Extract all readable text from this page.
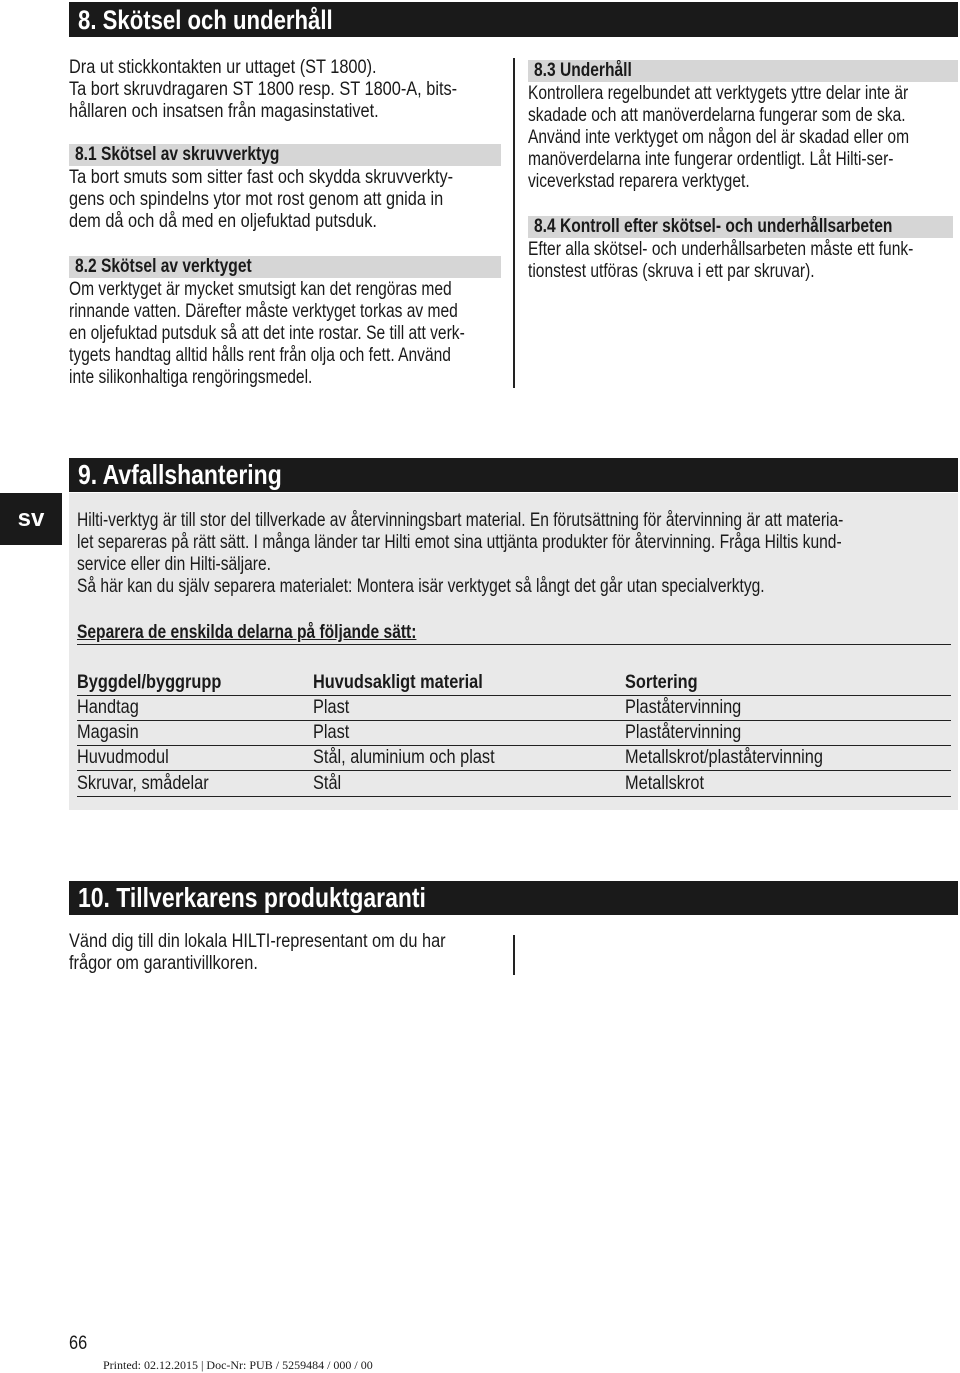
8. Skötsel och underhåll
Dra ut stickkontakten ur uttaget (ST 1800).
Ta bort skruvdragaren ST 1800 resp. ST 1800-A, bits-
hållaren och insatsen från magasinstativet.
8.1 Skötsel av skruvverktyg
Ta bort smuts som sitter fast och skydda skruvverkty-
gens och spindelns ytor mot rost genom att gnida in
dem då och då med en oljefuktad putsduk.
8.2 Skötsel av verktyget
Om verktyget är mycket smutsigt kan det rengöras med
rinnande vatten. Därefter måste verktyget torkas av med
en oljefuktad putsduk så att det inte rostar. Se till att verk-
tygets handtag alltid hålls rent från olja och fett. Använd
inte silikonhaltiga rengöringsmedel.
8.3 Underhåll
Kontrollera regelbundet att verktygets yttre delar inte är
skadade och att manöverdelarna fungerar som de ska.
Använd inte verktyget om någon del är skadad eller om
manöverdelarna inte fungerar ordentligt. Låt Hilti-ser-
viceverkstad reparera verktyget.
8.4 Kontroll efter skötsel- och underhållsarbeten
Efter alla skötsel- och underhållsarbeten måste ett funk-
tionstest utföras (skruva i ett par skruvar).
9. Avfallshantering
sv	Hilti-verktyg är till stor del tillverkade av återvinningsbart material. En förutsättning för återvinning är att materia-
let separeras på rätt sätt. I många länder tar Hilti emot sina uttjänta produkter för återvinning. Fråga Hiltis kund-
service eller din Hilti-säljare.
Så här kan du själv separera materialet: Montera isär verktyget så långt det går utan specialverktyg.
Separera de enskilda delarna på följande sätt:
Byggdel/byggrupp	Huvudsakligt material	Sortering
Handtag	Plast	Plaståtervinning
Magasin	Plast	Plaståtervinning
Huvudmodul	Stål, aluminium och plast	Metallskrot/plaståtervinning
Skruvar, smådelar	Stål	Metallskrot
10. Tillverkarens produktgaranti
Vänd dig till din lokala HILTI-representant om du har
frågor om garantivillkoren.
66
Printed: 02.12.2015 | Doc-Nr: PUB / 5259484 / 000 / 00
